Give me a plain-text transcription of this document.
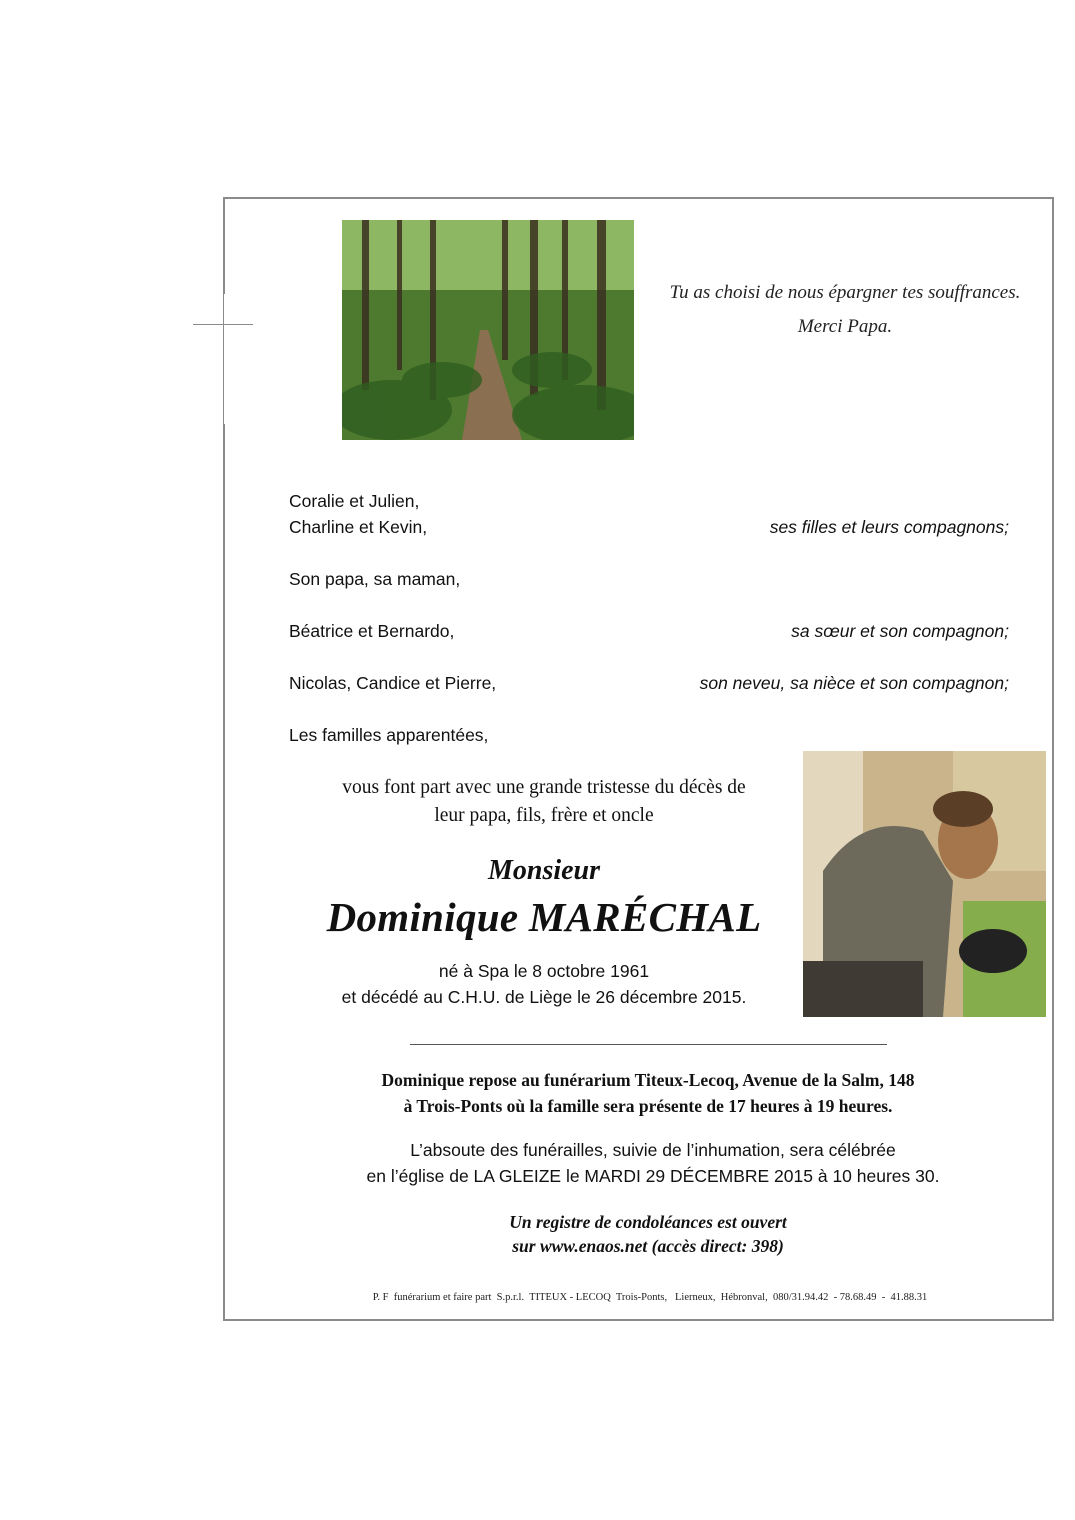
Tu as choisi de nous épargner tes souffrances.
Merci Papa.
Coralie et Julien,
Charline et Kevin,	ses filles et leurs compagnons;
Son papa, sa maman,
Béatrice et Bernardo,	sa sœur et son compagnon;
Nicolas, Candice et Pierre,	son neveu, sa nièce et son compagnon;
Les familles apparentées,
vous font part avec une grande tristesse du décès de
leur papa, fils, frère et oncle
Monsieur
Dominique MARÉCHAL
né à Spa le 8 octobre 1961
et décédé au C.H.U. de Liège le 26 décembre 2015.
Dominique repose au funérarium Titeux-Lecoq, Avenue de la Salm, 148
à Trois-Ponts où la famille sera présente de 17 heures à 19 heures.
L’absoute des funérailles, suivie de l’inhumation, sera célébrée
en l’église de LA GLEIZE le MARDI 29 DÉCEMBRE 2015 à 10 heures 30.
Un registre de condoléances est ouvert
sur www.enaos.net (accès direct: 398)
P. F  funérarium et faire part  S.p.r.l.  TITEUX - LECOQ  Trois-Ponts,   Lierneux,  Hébronval,  080/31.94.42  - 78.68.49  -  41.88.31
